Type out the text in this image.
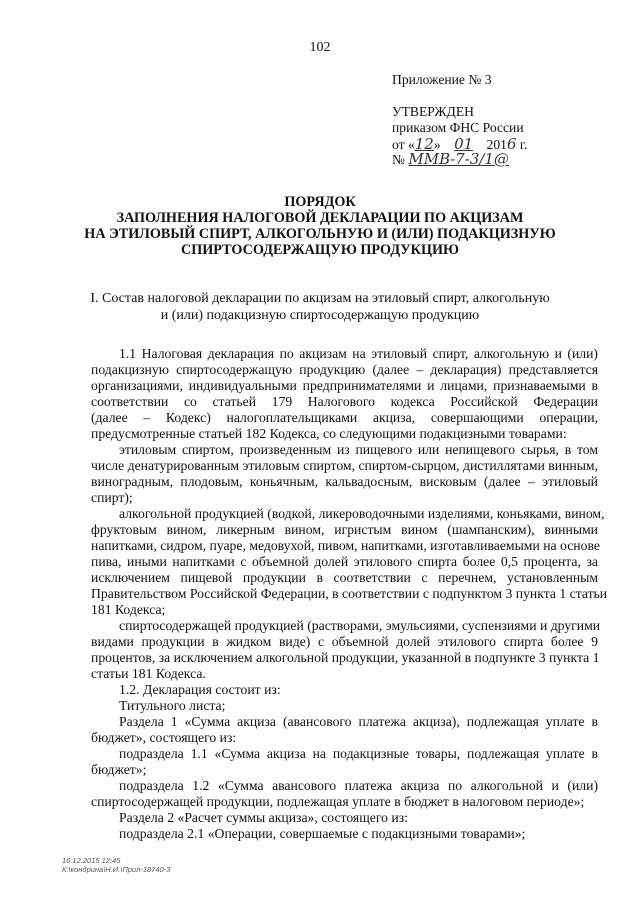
102
Приложение № 3
УТВЕРЖДЕН
приказом ФНС России
от «12» 01 2016 г.
№ ММВ-7-3/1@
ПОРЯДОК
ЗАПОЛНЕНИЯ НАЛОГОВОЙ ДЕКЛАРАЦИИ ПО АКЦИЗАМ
НА ЭТИЛОВЫЙ СПИРТ, АЛКОГОЛЬНУЮ И (ИЛИ) ПОДАКЦИЗНУЮ
СПИРТОСОДЕРЖАЩУЮ ПРОДУКЦИЮ
I. Состав налоговой декларации по акцизам на этиловый спирт, алкогольную
и (или) подакцизную спиртосодержащую продукцию
1.1 Налоговая декларация по акцизам на этиловый спирт, алкогольную и (или)
подакцизную спиртосодержащую продукцию (далее – декларация) представляется
организациями, индивидуальными предпринимателями и лицами, признаваемыми в
соответствии со статьей 179 Налогового кодекса Российской Федерации
(далее – Кодекс) налогоплательщиками акциза, совершающими операции,
предусмотренные статьей 182 Кодекса, со следующими подакцизными товарами:
этиловым спиртом, произведенным из пищевого или непищевого сырья, в том
числе денатурированным этиловым спиртом, спиртом-сырцом, дистиллятами винным,
виноградным, плодовым, коньячным, кальвадосным, висковым (далее – этиловый
спирт);
алкогольной продукцией (водкой, ликероводочными изделиями, коньяками, вином,
фруктовым вином, ликерным вином, игристым вином (шампанским), винными
напитками, сидром, пуаре, медовухой, пивом, напитками, изготавливаемыми на основе
пива, иными напитками с объемной долей этилового спирта более 0,5 процента, за
исключением пищевой продукции в соответствии с перечнем, установленным
Правительством Российской Федерации, в соответствии с подпунктом 3 пункта 1 статьи
181 Кодекса;
спиртосодержащей продукцией (растворами, эмульсиями, суспензиями и другими
видами продукции в жидком виде) с объемной долей этилового спирта более 9
процентов, за исключением алкогольной продукции, указанной в подпункте 3 пункта 1
статьи 181 Кодекса.
1.2. Декларация состоит из:
Титульного листа;
Раздела 1 «Сумма акциза (авансового платежа акциза), подлежащая уплате в
бюджет», состоящего из:
подраздела 1.1 «Сумма акциза на подакцизные товары, подлежащая уплате в
бюджет»;
подраздела 1.2 «Сумма авансового платежа акциза по алкогольной и (или)
спиртосодержащей продукции, подлежащая уплате в бюджет в налоговом периоде»;
Раздела 2 «Расчет суммы акциза», состоящего из:
подраздела 2.1 «Операции, совершаемые с подакцизными товарами»;
16.12.2015 12:45
К:\кондрина\Н.И.\Прил-18740-3
